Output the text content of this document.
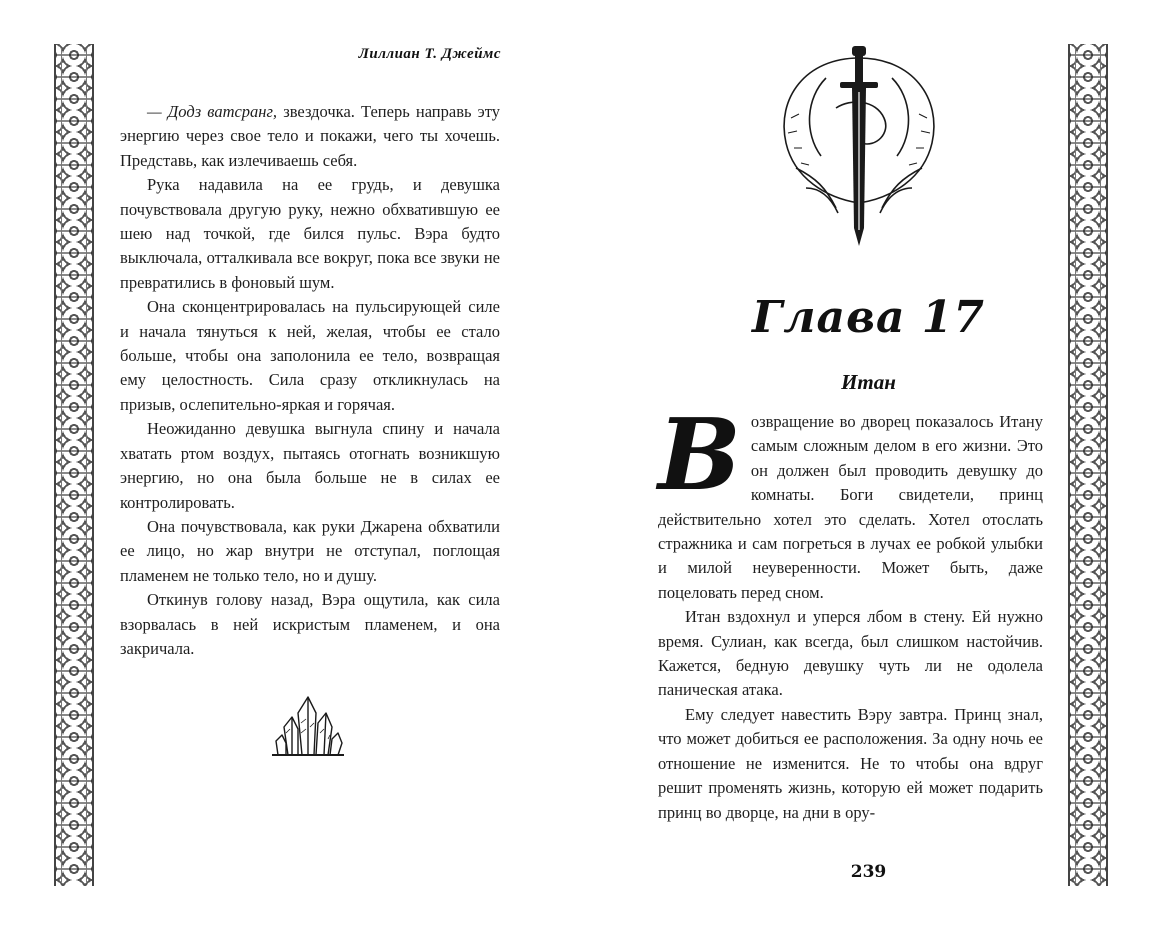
Лиллиан Т. Джеймс

— Додз ватсранг, звездочка. Теперь направь эту энергию через свое тело и покажи, чего ты хочешь. Представь, как излечиваешь себя.

Рука надавила на ее грудь, и девушка почувствовала другую руку, нежно обхватившую ее шею над точкой, где бился пульс. Вэра будто выключала, отталкивала все вокруг, пока все звуки не превратились в фоновый шум.

Она сконцентрировалась на пульсирующей силе и начала тянуться к ней, желая, чтобы ее стало больше, чтобы она заполонила ее тело, возвращая ему целостность. Сила сразу откликнулась на призыв, ослепительно-яркая и горячая.

Неожиданно девушка выгнула спину и начала хватать ртом воздух, пытаясь отогнать возникшую энергию, но она была больше не в силах ее контролировать.

Она почувствовала, как руки Джарена обхватили ее лицо, но жар внутри не отступал, поглощая пламенем не только тело, но и душу.

Откинув голову назад, Вэра ощутила, как сила взорвалась в ней искристым пламенем, и она закричала.

Глава 17
Итан

Возвращение во дворец показалось Итану самым сложным делом в его жизни. Это он должен был проводить девушку до комнаты. Боги свидетели, принц действительно хотел это сделать. Хотел отослать стражника и сам погреться в лучах ее робкой улыбки и милой неуверенности. Может быть, даже поцеловать перед сном.

Итан вздохнул и уперся лбом в стену. Ей нужно время. Сулиан, как всегда, был слишком настойчив. Кажется, бедную девушку чуть ли не одолела паническая атака.

Ему следует навестить Вэру завтра. Принц знал, что может добиться ее расположения. За одну ночь ее отношение не изменится. Не то чтобы она вдруг решит променять жизнь, которую ей может подарить принц во дворце, на дни в ору-

239
